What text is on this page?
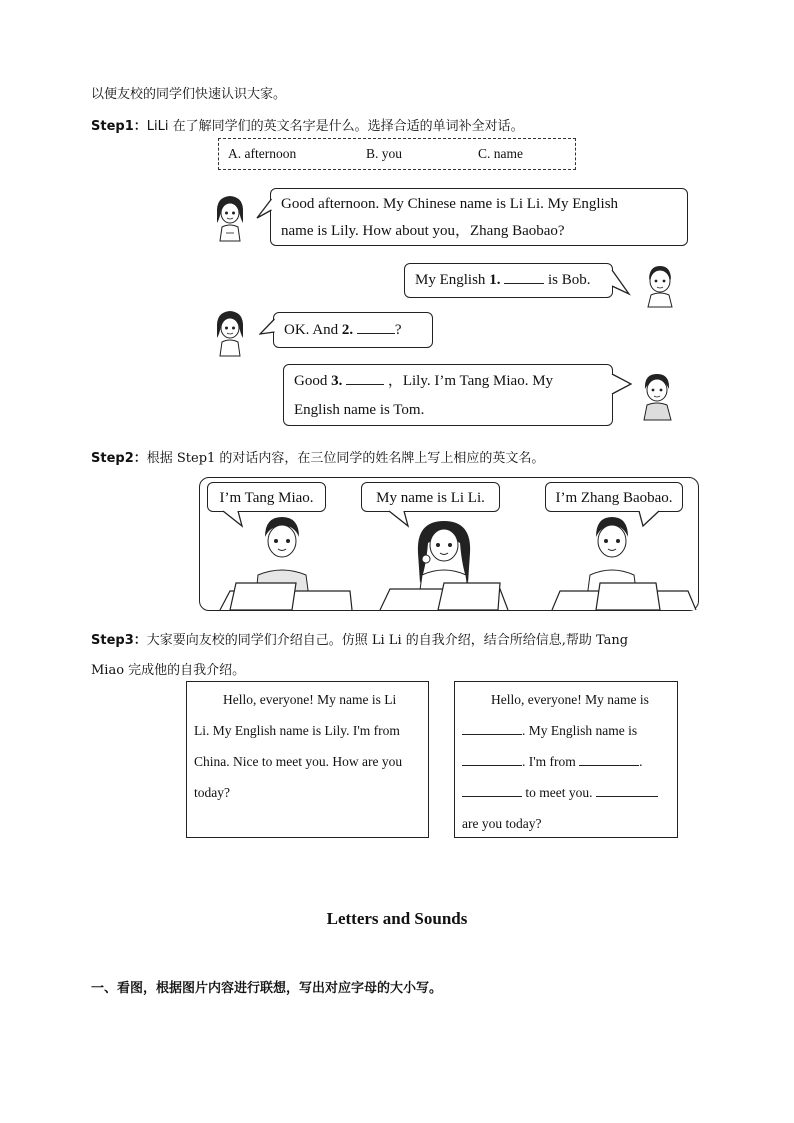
以便友校的同学们快速认识大家。
Step1：LiLi 在了解同学们的英文名字是什么。选择合适的单词补全对话。
A. afternoon	B. you	C. name
Good afternoon. My Chinese name is Li Li. My English
name is Lily. How about you，Zhang Baobao?
My English 1.	is Bob.
OK. And 2.	?
Good 3.	，Lily. I’m Tang Miao. My
English name is Tom.
Step2：根据 Step1 的对话内容，在三位同学的姓名牌上写上相应的英文名。
I’m Tang Miao.	My name is Li Li.	I’m Zhang Baobao.
Step3：大家要向友校的同学们介绍自己。仿照 Li Li 的自我介绍，结合所给信息,帮助 Tang
Miao 完成他的自我介绍。
Hello, everyone! My name is Li
Li. My English name is Lily. I'm from
China. Nice to meet you. How are you
today?
Hello, everyone! My name is
. My English name is
. I'm from	.
to meet you.
are you today?
Letters and Sounds
一、看图，根据图片内容进行联想，写出对应字母的大小写。
